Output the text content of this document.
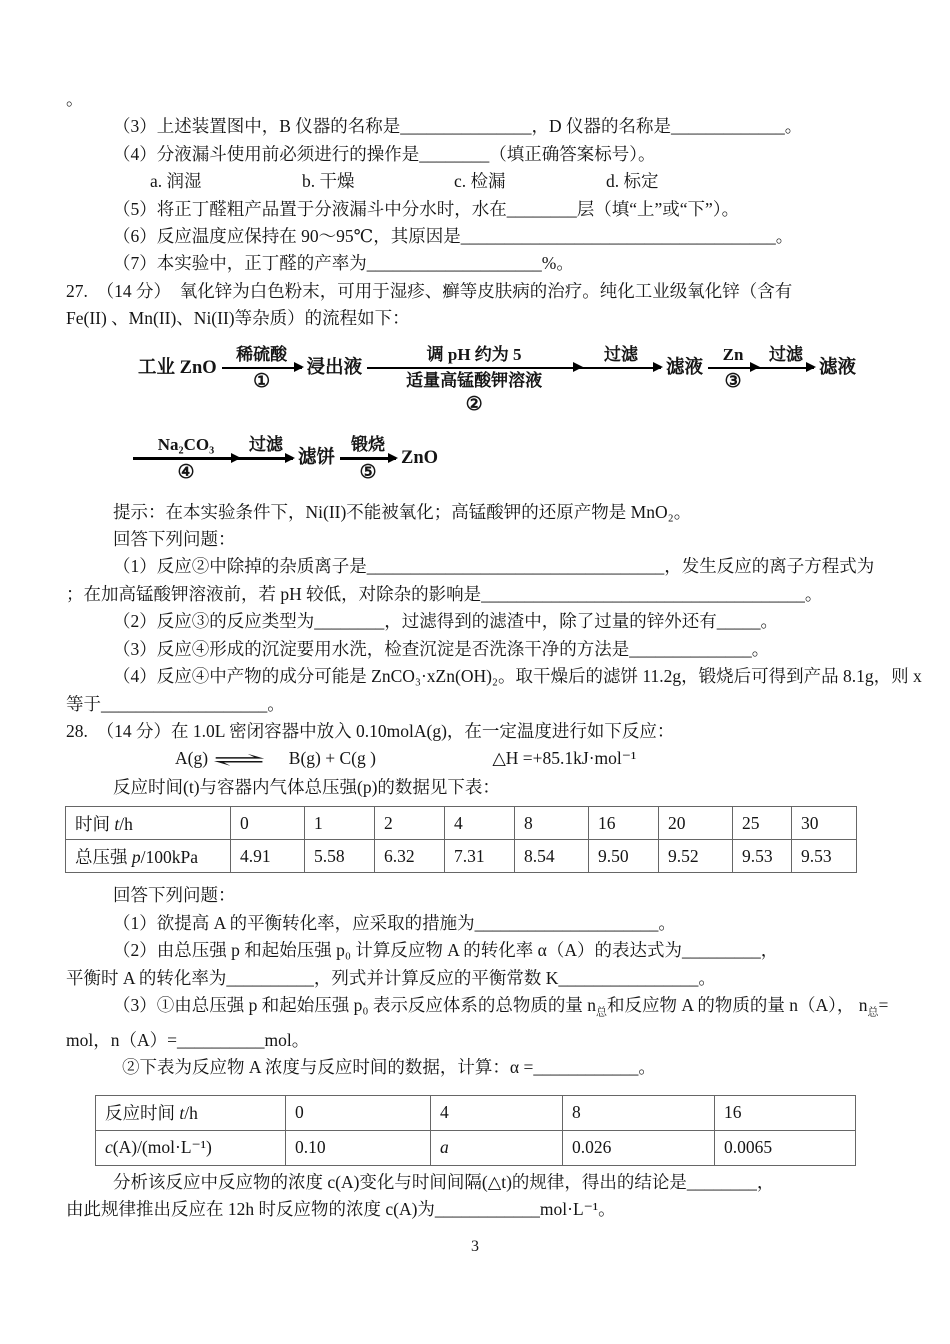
。

（3）上述装置图中，B 仪器的名称是_______________，D 仪器的名称是_____________。

（4）分液漏斗使用前必须进行的操作是________（填正确答案标号）。

a. 润湿	b. 干燥	c. 检漏	d. 标定

（5）将正丁醛粗产品置于分液漏斗中分水时，水在________层（填“上”或“下”）。

（6）反应温度应保持在 90～95℃，其原因是____________________________________。

（7）本实验中，正丁醛的产率为____________________%。

27.　（14 分）　氧化锌为白色粉末，可用于湿疹、癣等皮肤病的治疗。纯化工业级氧化锌（含有

Fe(II) 、Mn(II)、Ni(II)等杂质）的流程如下：

工业 ZnO
稀硫酸
①
浸出液
调 pH 约为 5
适量高锰酸钾溶液
②
过滤
滤液
Zn
③
过滤
滤液
Na₂CO₃
④
过滤
滤饼
锻烧
⑤
ZnO

提示：在本实验条件下，Ni(II)不能被氧化；高锰酸钾的还原产物是 MnO₂。

回答下列问题：

（1）反应②中除掉的杂质离子是__________________________________，发生反应的离子方程式为

；在加高锰酸钾溶液前，若 pH 较低，对除杂的影响是_____________________________________。

（2）反应③的反应类型为________，过滤得到的滤渣中，除了过量的锌外还有_____。

（3）反应④形成的沉淀要用水洗，检查沉淀是否洗涤干净的方法是______________。

（4）反应④中产物的成分可能是 ZnCO₃·xZn(OH)₂。取干燥后的滤饼 11.2g，锻烧后可得到产品 8.1g，则 x

等于___________________。

28.　（14 分）在 1.0L 密闭容器中放入 0.10molA(g)，在一定温度进行如下反应：

A(g) ⇌ B(g) + C(g )	△H =+85.1kJ·mol⁻¹

反应时间(t)与容器内气体总压强(p)的数据见下表：

时间 t/h	0	1	2	4	8	16	20	25	30
总压强 p/100kPa	4.91	5.58	6.32	7.31	8.54	9.50	9.52	9.53	9.53

回答下列问题：

（1）欲提高 A 的平衡转化率，应采取的措施为_____________________。

（2）由总压强 p 和起始压强 p₀ 计算反应物 A 的转化率 α（A）的表达式为_________，

平衡时 A 的转化率为__________，列式并计算反应的平衡常数 K________________。

（3）①由总压强 p 和起始压强 p₀ 表示反应体系的总物质的量 $n_总$和反应物 A 的物质的量 n（A）， $n_总=$

mol，n（A）=__________mol。

②下表为反应物 A 浓度与反应时间的数据，计算：α =____________。

反应时间 t/h	0	4	8	16
c(A)/(mol·L⁻¹)	0.10	a	0.026	0.0065

分析该反应中反应物的浓度 c(A)变化与时间间隔(△t)的规律，得出的结论是________，

由此规律推出反应在 12h 时反应物的浓度 c(A)为____________mol·L⁻¹。

3
